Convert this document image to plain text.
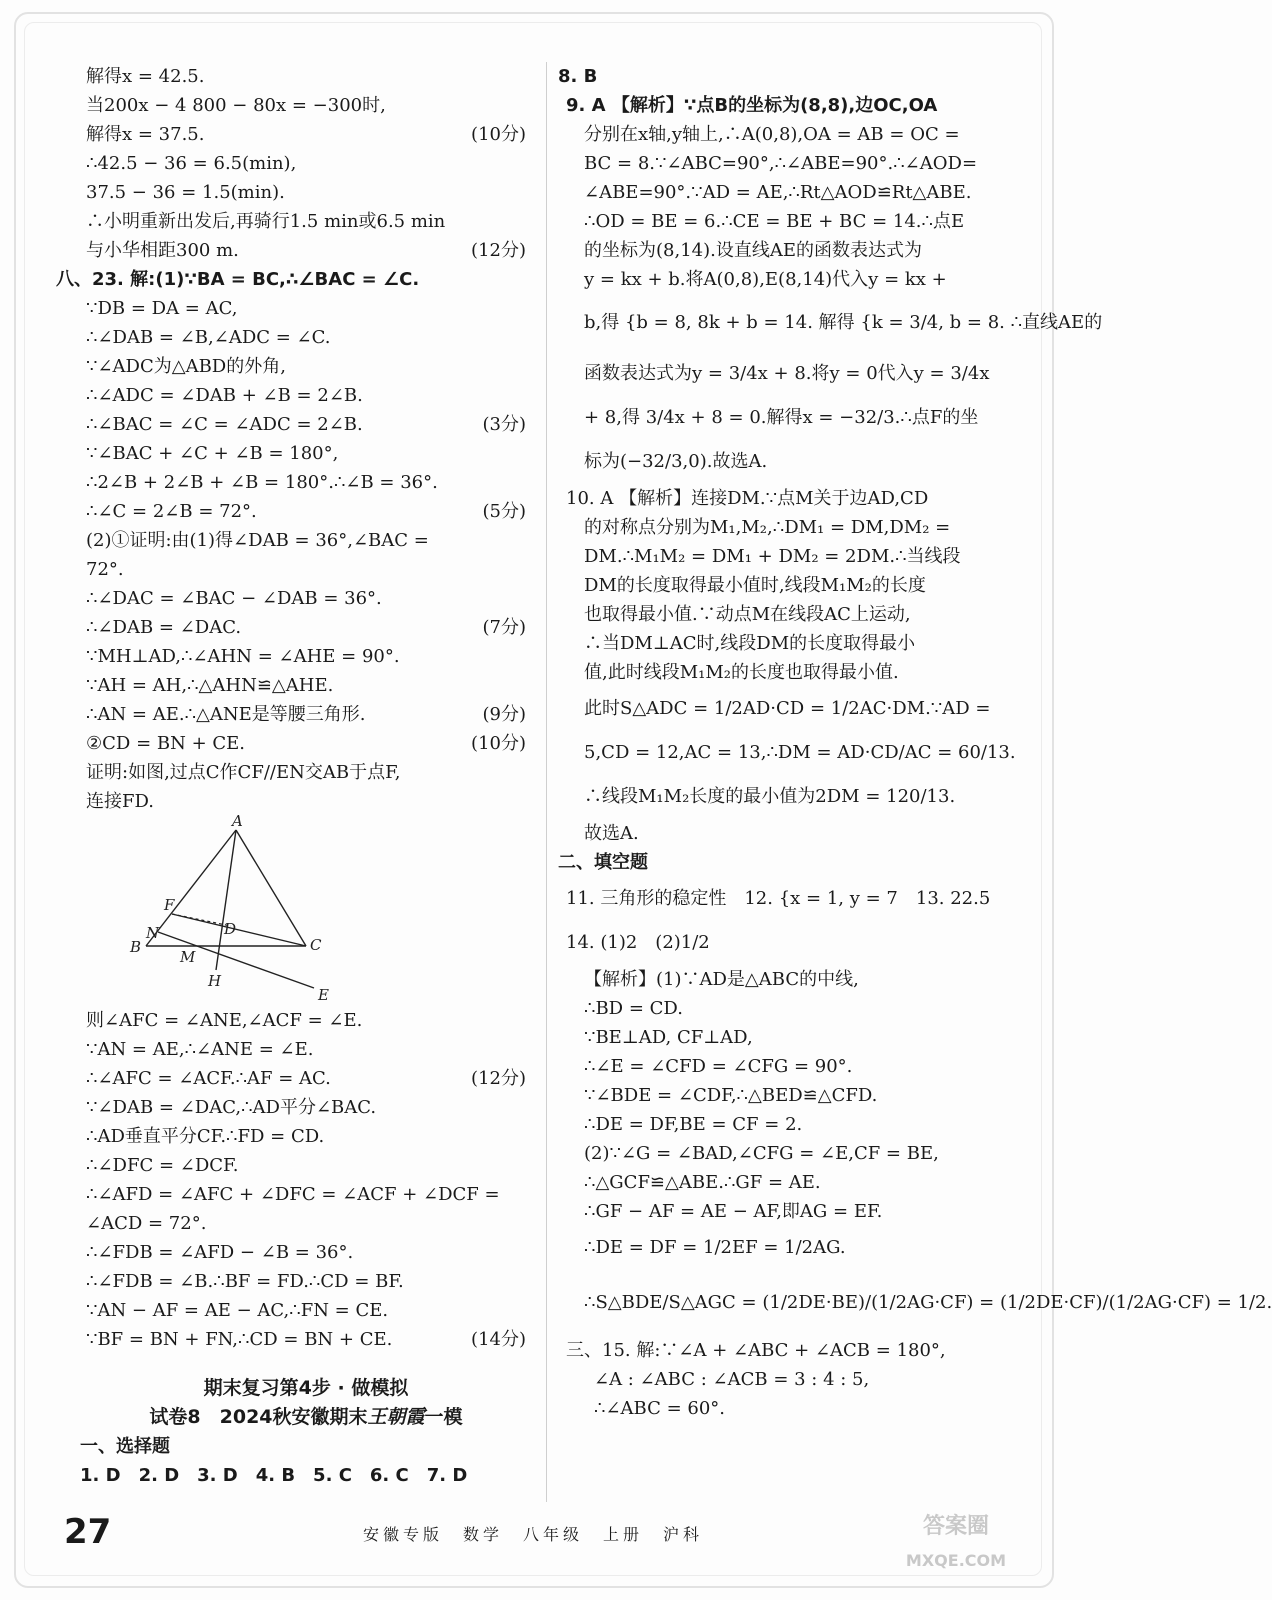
解得x = 42.5.
当200x − 4 800 − 80x = −300时,
解得x = 37.5.	(10分)
∴42.5 − 36 = 6.5(min),
37.5 − 36 = 1.5(min).
∴小明重新出发后,再骑行1.5 min或6.5 min
与小华相距300 m.	(12分)
八、23. 解:(1)∵BA = BC,∴∠BAC = ∠C.
∵DB = DA = AC,
∴∠DAB = ∠B,∠ADC = ∠C.
∵∠ADC为△ABD的外角,
∴∠ADC = ∠DAB + ∠B = 2∠B.
∴∠BAC = ∠C = ∠ADC = 2∠B.	(3分)
∵∠BAC + ∠C + ∠B = 180°,
∴2∠B + 2∠B + ∠B = 180°.∴∠B = 36°.
∴∠C = 2∠B = 72°.	(5分)
(2)①证明:由(1)得∠DAB = 36°,∠BAC =
72°.
∴∠DAC = ∠BAC − ∠DAB = 36°.
∴∠DAB = ∠DAC.	(7分)
∵MH⊥AD,∴∠AHN = ∠AHE = 90°.
∵AH = AH,∴△AHN≌△AHE.
∴AN = AE.∴△ANE是等腰三角形.	(9分)
②CD = BN + CE.	(10分)
证明:如图,过点C作CF//EN交AB于点F,
连接FD.
A
B	C
D
E
F
H
M
N
则∠AFC = ∠ANE,∠ACF = ∠E.
∵AN = AE,∴∠ANE = ∠E.
∴∠AFC = ∠ACF.∴AF = AC.	(12分)
∵∠DAB = ∠DAC,∴AD平分∠BAC.
∴AD垂直平分CF.∴FD = CD.
∴∠DFC = ∠DCF.
∴∠AFD = ∠AFC + ∠DFC = ∠ACF + ∠DCF =
∠ACD = 72°.
∴∠FDB = ∠AFD − ∠B = 36°.
∴∠FDB = ∠B.∴BF = FD.∴CD = BF.
∵AN − AF = AE − AC,∴FN = CE.
∵BF = BN + FN,∴CD = BN + CE.	(14分)
期末复习第4步 · 做模拟
试卷8　2024秋安徽期末王朝霞一模
一、选择题
1. D　2. D　3. D　4. B　5. C　6. C　7. D
8. B
9. A 【解析】∵点B的坐标为(8,8),边OC,OA
分别在x轴,y轴上,∴A(0,8),OA = AB = OC =
BC = 8.∵∠ABC=90°,∴∠ABE=90°.∴∠AOD=
∠ABE=90°.∵AD = AE,∴Rt△AOD≌Rt△ABE.
∴OD = BE = 6.∴CE = BE + BC = 14.∴点E
的坐标为(8,14).设直线AE的函数表达式为
y = kx + b.将A(0,8),E(8,14)代入y = kx +
b,得 {b = 8, 8k + b = 14. 解得 {k = 3/4, b = 8. ∴直线AE的
函数表达式为y = 3/4x + 8.将y = 0代入y = 3/4x
+ 8,得 3/4x + 8 = 0.解得x = −32/3.∴点F的坐
标为(−32/3,0).故选A.
10. A 【解析】连接DM.∵点M关于边AD,CD
的对称点分别为M₁,M₂,∴DM₁ = DM,DM₂ =
DM.∴M₁M₂ = DM₁ + DM₂ = 2DM.∴当线段
DM的长度取得最小值时,线段M₁M₂的长度
也取得最小值.∵动点M在线段AC上运动,
∴当DM⊥AC时,线段DM的长度取得最小
值,此时线段M₁M₂的长度也取得最小值.
此时S△ADC = 1/2AD·CD = 1/2AC·DM.∵AD =
5,CD = 12,AC = 13,∴DM = AD·CD/AC = 60/13.
∴线段M₁M₂长度的最小值为2DM = 120/13.
故选A.
二、填空题
11. 三角形的稳定性　12. {x = 1, y = 7　13. 22.5
14. (1)2　(2)1/2
【解析】(1)∵AD是△ABC的中线,
∴BD = CD.
∵BE⊥AD, CF⊥AD,
∴∠E = ∠CFD = ∠CFG = 90°.
∵∠BDE = ∠CDF,∴△BED≌△CFD.
∴DE = DF,BE = CF = 2.
(2)∵∠G = ∠BAD,∠CFG = ∠E,CF = BE,
∴△GCF≌△ABE.∴GF = AE.
∴GF − AF = AE − AF,即AG = EF.
∴DE = DF = 1/2EF = 1/2AG.
∴S△BDE/S△AGC = (1/2DE·BE)/(1/2AG·CF) = (1/2DE·CF)/(1/2AG·CF) = 1/2.
三、15. 解:∵∠A + ∠ABC + ∠ACB = 180°,
∠A : ∠ABC : ∠ACB = 3 : 4 : 5,
∴∠ABC = 60°.
27	安徽专版　数学　八年级　上册　沪科	答案圈
MXQE.COM
